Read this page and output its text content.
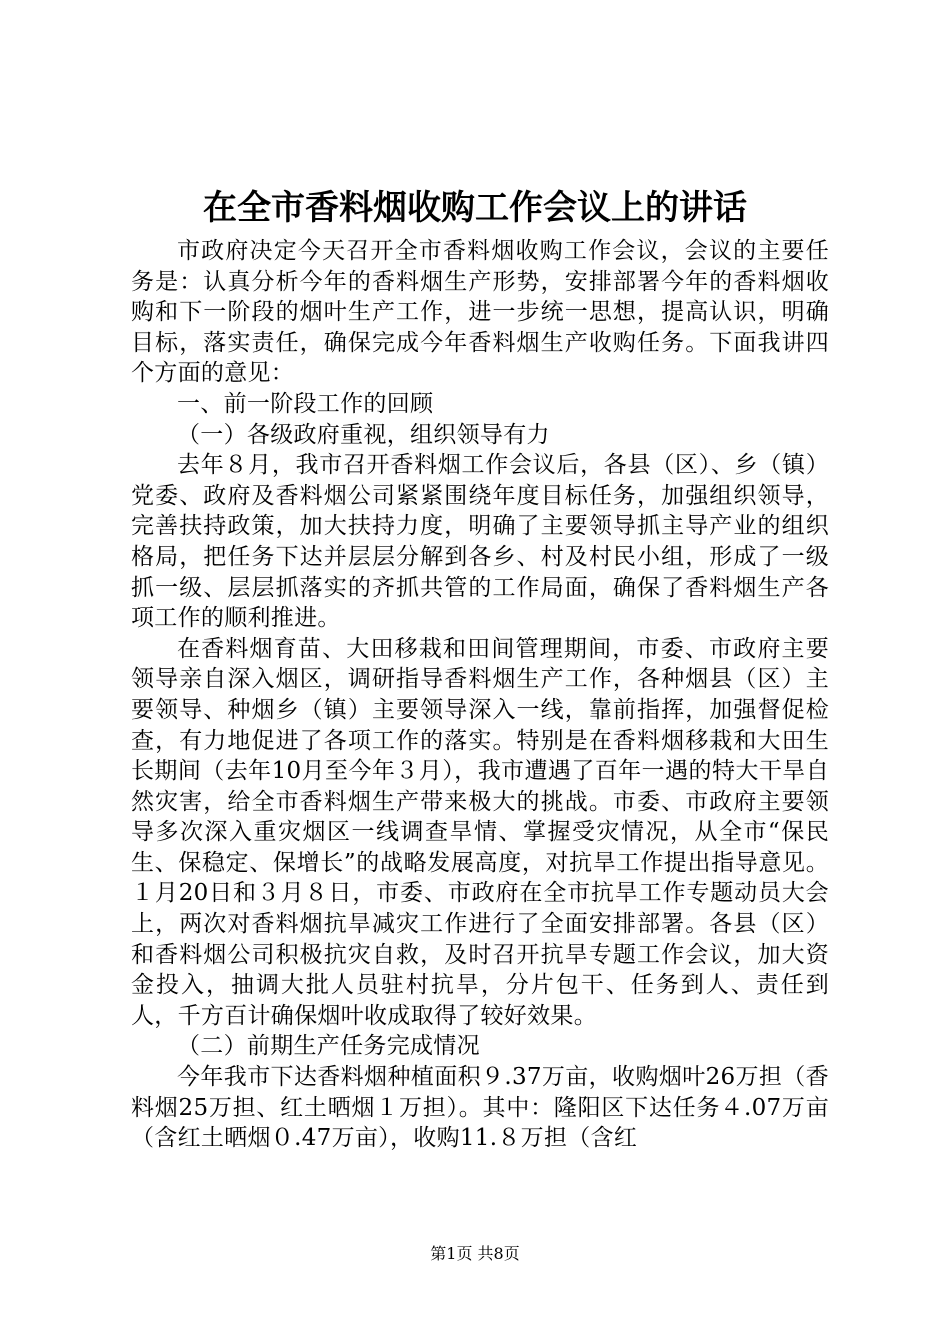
在全市香料烟收购工作会议上的讲话

市政府决定今天召开全市香料烟收购工作会议，会议的主要任务是：认真分析今年的香料烟生产形势，安排部署今年的香料烟收购和下一阶段的烟叶生产工作，进一步统一思想，提高认识，明确目标，落实责任，确保完成今年香料烟生产收购任务。下面我讲四个方面的意见：

一、前一阶段工作的回顾

（一）各级政府重视，组织领导有力

去年８月，我市召开香料烟工作会议后，各县（区）、乡（镇）党委、政府及香料烟公司紧紧围绕年度目标任务，加强组织领导，完善扶持政策，加大扶持力度，明确了主要领导抓主导产业的组织格局，把任务下达并层层分解到各乡、村及村民小组，形成了一级抓一级、层层抓落实的齐抓共管的工作局面，确保了香料烟生产各项工作的顺利推进。

在香料烟育苗、大田移栽和田间管理期间，市委、市政府主要领导亲自深入烟区，调研指导香料烟生产工作，各种烟县（区）主要领导、种烟乡（镇）主要领导深入一线，靠前指挥，加强督促检查，有力地促进了各项工作的落实。特别是在香料烟移栽和大田生长期间（去年10月至今年３月），我市遭遇了百年一遇的特大干旱自然灾害，给全市香料烟生产带来极大的挑战。市委、市政府主要领导多次深入重灾烟区一线调查旱情、掌握受灾情况，从全市“保民生、保稳定、保增长”的战略发展高度，对抗旱工作提出指导意见。１月20日和３月８日，市委、市政府在全市抗旱工作专题动员大会上，两次对香料烟抗旱减灾工作进行了全面安排部署。各县（区）和香料烟公司积极抗灾自救，及时召开抗旱专题工作会议，加大资金投入，抽调大批人员驻村抗旱，分片包干、任务到人、责任到人，千方百计确保烟叶收成取得了较好效果。

（二）前期生产任务完成情况

今年我市下达香料烟种植面积９.37万亩，收购烟叶26万担（香料烟25万担、红土晒烟１万担）。其中：隆阳区下达任务４.07万亩（含红土晒烟０.47万亩），收购11.８万担（含红

第1页 共8页
